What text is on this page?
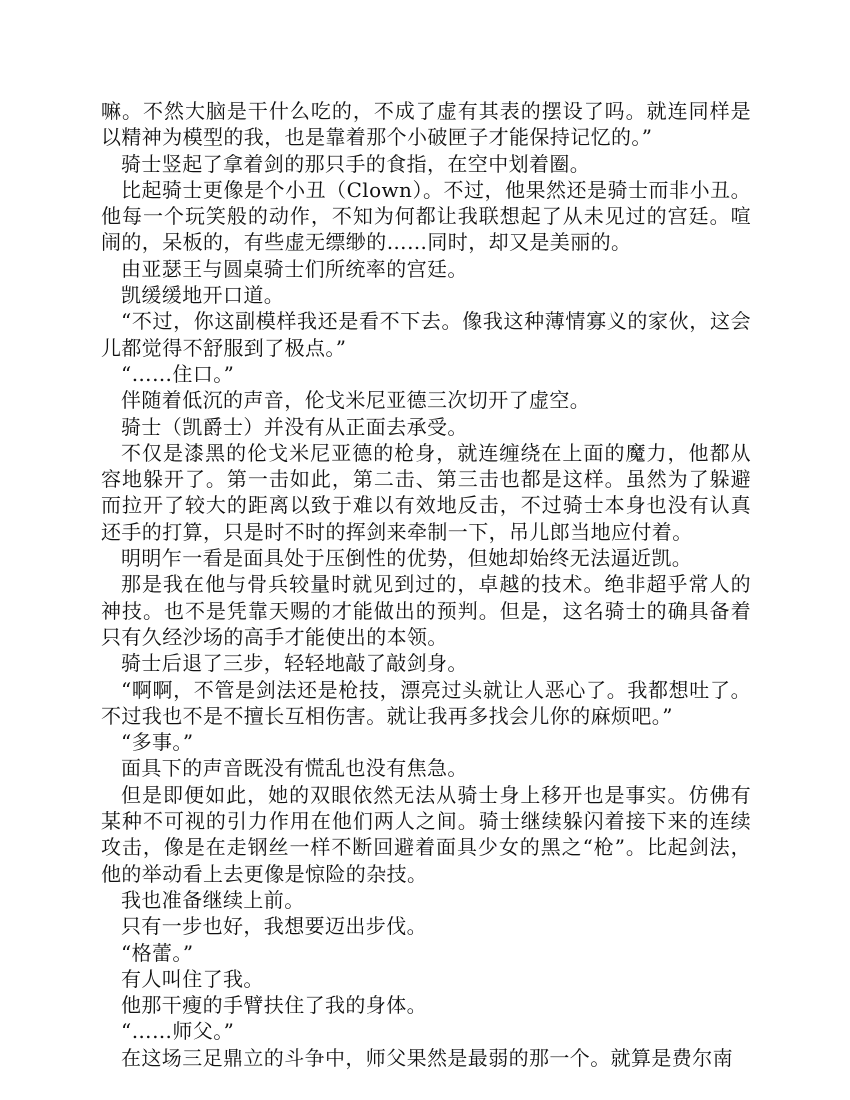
嘛。不然大脑是干什么吃的，不成了虚有其表的摆设了吗。就连同样是以精神为模型的我，也是靠着那个小破匣子才能保持记忆的。”

骑士竖起了拿着剑的那只手的食指，在空中划着圈。

比起骑士更像是个小丑（Clown）。不过，他果然还是骑士而非小丑。他每一个玩笑般的动作，不知为何都让我联想起了从未见过的宫廷。喧闹的，呆板的，有些虚无缥缈的……同时，却又是美丽的。

由亚瑟王与圆桌骑士们所统率的宫廷。

凯缓缓地开口道。

“不过，你这副模样我还是看不下去。像我这种薄情寡义的家伙，这会儿都觉得不舒服到了极点。”

“……住口。”

伴随着低沉的声音，伦戈米尼亚德三次切开了虚空。

骑士（凯爵士）并没有从正面去承受。

不仅是漆黑的伦戈米尼亚德的枪身，就连缠绕在上面的魔力，他都从容地躲开了。第一击如此，第二击、第三击也都是这样。虽然为了躲避而拉开了较大的距离以致于难以有效地反击，不过骑士本身也没有认真还手的打算，只是时不时的挥剑来牵制一下，吊儿郎当地应付着。

明明乍一看是面具处于压倒性的优势，但她却始终无法逼近凯。

那是我在他与骨兵较量时就见到过的，卓越的技术。绝非超乎常人的神技。也不是凭靠天赐的才能做出的预判。但是，这名骑士的确具备着只有久经沙场的高手才能使出的本领。

骑士后退了三步，轻轻地敲了敲剑身。

“啊啊，不管是剑法还是枪技，漂亮过头就让人恶心了。我都想吐了。不过我也不是不擅长互相伤害。就让我再多找会儿你的麻烦吧。”

“多事。”

面具下的声音既没有慌乱也没有焦急。

但是即便如此，她的双眼依然无法从骑士身上移开也是事实。仿佛有某种不可视的引力作用在他们两人之间。骑士继续躲闪着接下来的连续攻击，像是在走钢丝一样不断回避着面具少女的黑之“枪”。比起剑法，他的举动看上去更像是惊险的杂技。

我也准备继续上前。

只有一步也好，我想要迈出步伐。

“格蕾。”

有人叫住了我。

他那干瘦的手臂扶住了我的身体。

“……师父。”

在这场三足鼎立的斗争中，师父果然是最弱的那一个。就算是费尔南
